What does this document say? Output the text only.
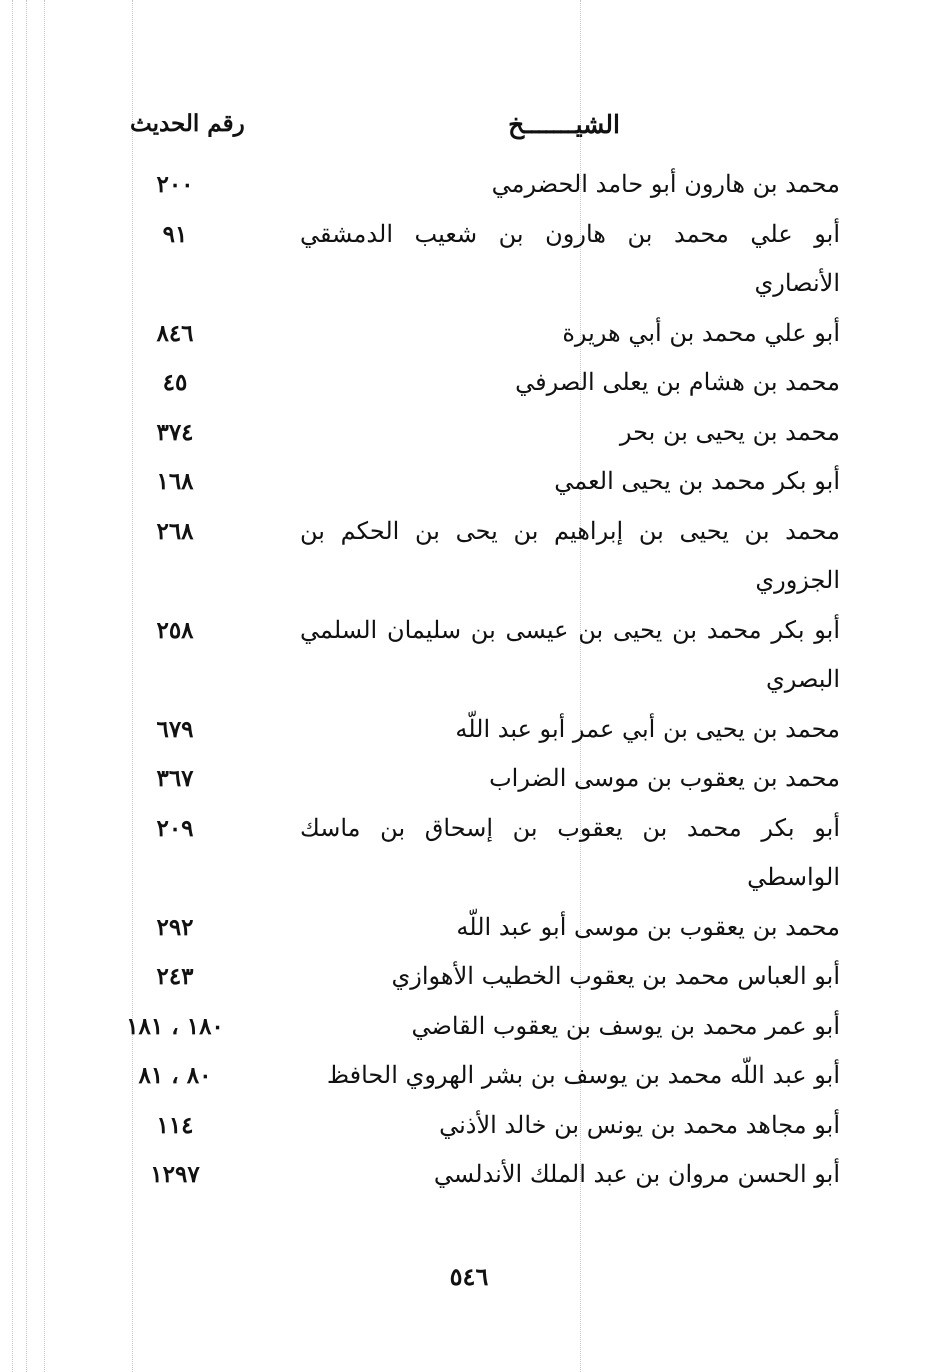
الشيـــــــخ
رقم الحديث
محمد بن هارون أبو حامد الحضرمي
٢٠٠
أبو علي محمد بن هارون بن شعيب الدمشقي
٩١
الأنصاري
أبو علي محمد بن أبي هريرة
٨٤٦
محمد بن هشام بن يعلى الصرفي
٤٥
محمد بن يحيى بن بحر
٣٧٤
أبو بكر محمد بن يحيى العمي
١٦٨
محمد بن يحيى بن إبراهيم بن يحى بن الحكم بن
٢٦٨
الجزوري
أبو بكر محمد بن يحيى بن عيسى بن سليمان السلمي
٢٥٨
البصري
محمد بن يحيى بن أبي عمر أبو عبد اللّه
٦٧٩
محمد بن يعقوب بن موسى الضراب
٣٦٧
أبو بكر محمد بن يعقوب بن إسحاق بن ماسك
٢٠٩
الواسطي
محمد بن يعقوب بن موسى أبو عبد اللّه
٢٩٢
أبو العباس محمد بن يعقوب الخطيب الأهوازي
٢٤٣
أبو عمر محمد بن يوسف بن يعقوب القاضي
١٨٠ ، ١٨١
أبو عبد اللّه محمد بن يوسف بن بشر الهروي الحافظ
٨٠ ، ٨١
أبو مجاهد محمد بن يونس بن خالد الأذني
١١٤
أبو الحسن مروان بن عبد الملك الأندلسي
١٢٩٧
٥٤٦
